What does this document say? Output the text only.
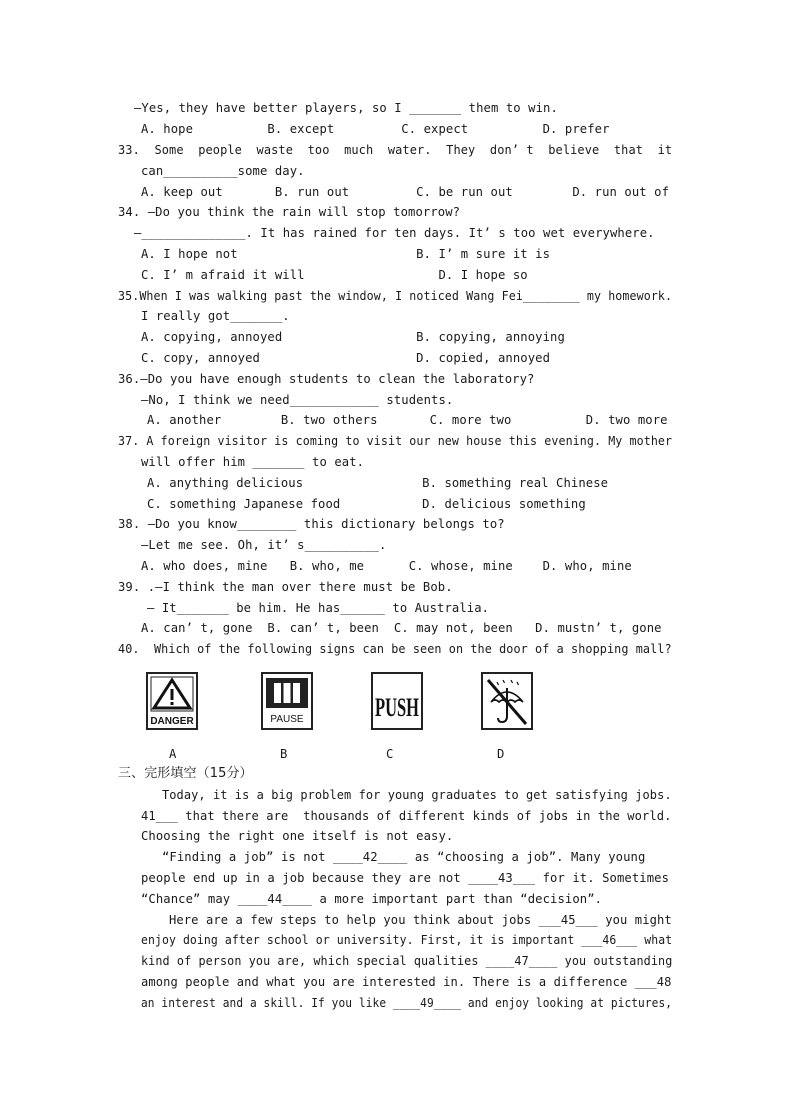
—Yes, they have better players, so I _______ them to win.
A. hope          B. except         C. expect          D. prefer
33.  Some  people  waste  too  much  water.  They  don’ t  believe  that  it
can__________some day.
A. keep out       B. run out         C. be run out        D. run out of
34. —Do you think the rain will stop tomorrow?
—______________. It has rained for ten days. It’ s too wet everywhere.
A. I hope not                        B. I’ m sure it is
C. I’ m afraid it will                  D. I hope so
35.When I was walking past the window, I noticed Wang Fei________ my homework.
I really got_______.
A. copying, annoyed                  B. copying, annoying
C. copy, annoyed                     D. copied, annoyed
36.—Do you have enough students to clean the laboratory?
—No, I think we need____________ students.
A. another        B. two others       C. more two          D. two more
37. A foreign visitor is coming to visit our new house this evening. My mother
will offer him _______ to eat.
A. anything delicious                B. something real Chinese
C. something Japanese food           D. delicious something
38. —Do you know________ this dictionary belongs to?
—Let me see. Oh, it’ s__________.
A. who does, mine   B. who, me      C. whose, mine    D. who, mine
39. .—I think the man over there must be Bob.
— It_______ be him. He has______ to Australia.
A. can’ t, gone  B. can’ t, been  C. may not, been   D. mustn’ t, gone
40.  Which of the following signs can be seen on the door of a shopping mall?
DANGER	PAUSE	PUSH
A	B	C	D
三、完形填空（15分）
Today, it is a big problem for young graduates to get satisfying jobs.
41___ that there are  thousands of different kinds of jobs in the world.
Choosing the right one itself is not easy.
“Finding a job” is not ____42____ as “choosing a job”. Many young
people end up in a job because they are not ____43___ for it. Sometimes
“Chance” may ____44____ a more important part than “decision”.
Here are a few steps to help you think about jobs ___45___ you might
enjoy doing after school or university. First, it is important ___46___ what
kind of person you are, which special qualities ____47____ you outstanding
among people and what you are interested in. There is a difference ___48
an interest and a skill. If you like ____49____ and enjoy looking at pictures,
